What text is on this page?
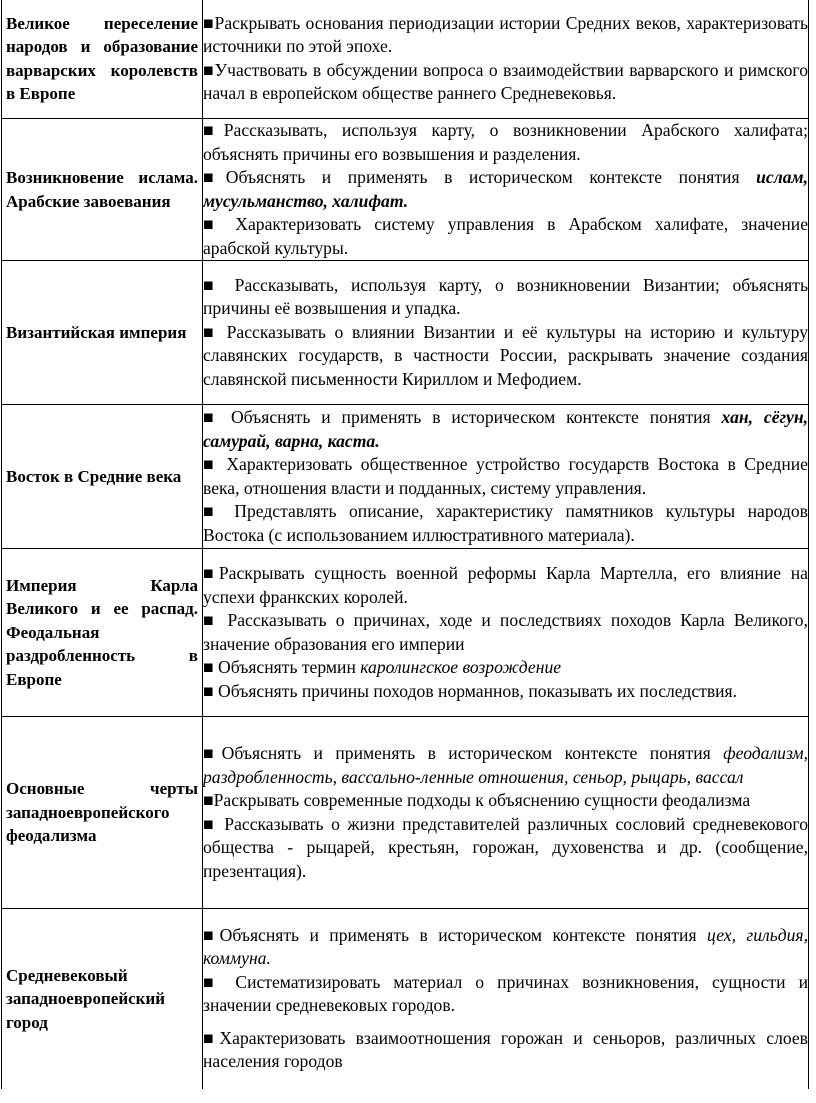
Великое переселение народов и образование варварских королевств в Европе	■Раскрывать основания периодизации истории Средних веков, характеризовать источники по этой эпохе.

■Участвовать в обсуждении вопроса о взаимодействии варварского и римского начал в европейском обществе раннего Средневековья.

Возникновение ислама. Арабские завоевания	■Рассказывать, используя карту, о возникновении Арабского халифата; объяснять причины его возвышения и разделения.

■Объяснять и применять в историческом контексте понятия ислам, мусульманство, халифат.

■ Характеризовать систему управления в Арабском халифате, значение арабской культуры.

Византийская империя	■ Рассказывать, используя карту, о возникновении Византии; объяснять причины её возвышения и упадка.

■ Рассказывать о влиянии Византии и её культуры на историю и культуру славянских государств, в частности России, раскрывать значение создания славянской письменности Кириллом и Мефодием.

Восток в Средние века	■ Объяснять и применять в историческом контексте понятия хан, сёгун, самурай, варна, каста.

■ Характеризовать общественное устройство государств Востока в Средние века, отношения власти и подданных, систему управления.

■ Представлять описание, характеристику памятников культуры народов Востока (с использованием иллюстративного материала).

Империя Карла Великого и ее распад. Феодальная раздробленность в Европе	■Раскрывать сущность военной реформы Карла Мартелла, его влияние на успехи франкских королей.

■ Рассказывать о причинах, ходе и последствиях походов Карла Великого, значение образования его империи

■ Объяснять термин каролингское возрождение

■ Объяснять причины походов норманнов, показывать их последствия.

Основные черты западноевропейского феодализма	■Объяснять и применять в историческом контексте понятия феодализм, раздробленность, вассально-ленные отношения, сеньор, рыцарь, вассал

■Раскрывать современные подходы к объяснению сущности феодализма

■ Рассказывать о жизни представителей различных сословий средневекового общества - рыцарей, крестьян, горожан, духовенства и др. (сообщение, презентация).

Средневековый западноевропейский город	■Объяснять и применять в историческом контексте понятия цех, гильдия, коммуна.

■ Систематизировать материал о причинах возникновения, сущности и значении средневековых городов.

■Характеризовать взаимоотношения горожан и сеньоров, различных слоев населения городов
